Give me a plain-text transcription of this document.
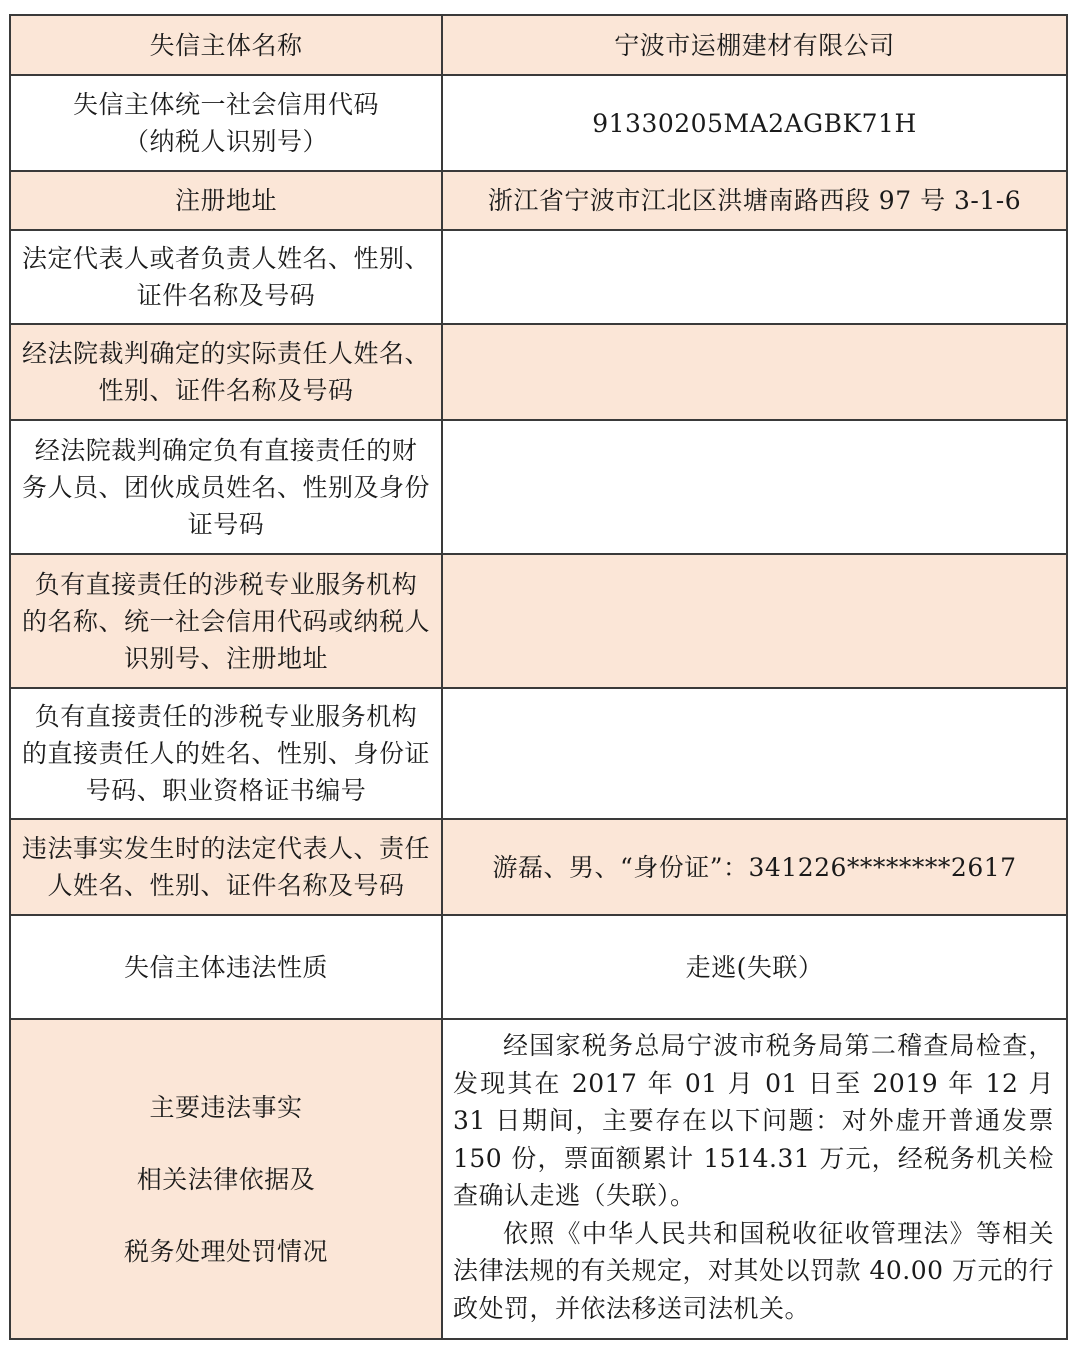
失信主体名称	宁波市运棚建材有限公司

失信主体统一社会信用代码
（纳税人识别号）	91330205MA2AGBK71H

注册地址	浙江省宁波市江北区洪塘南路西段 97 号 3-1-6

法定代表人或者负责人姓名、性别、
证件名称及号码	

经法院裁判确定的实际责任人姓名、
性别、证件名称及号码	

经法院裁判确定负有直接责任的财
务人员、团伙成员姓名、性别及身份
证号码	

负有直接责任的涉税专业服务机构
的名称、统一社会信用代码或纳税人
识别号、注册地址	

负有直接责任的涉税专业服务机构
的直接责任人的姓名、性别、身份证
号码、职业资格证书编号	

违法事实发生时的法定代表人、责任
人姓名、性别、证件名称及号码	游磊、男、“身份证”：341226********2617

失信主体违法性质	走逃(失联）

主要违法事实
相关法律依据及
税务处理处罚情况	经国家税务总局宁波市税务局第二稽查局检查，发现其在 2017 年 01 月 01 日至 2019 年 12 月 31 日期间，主要存在以下问题：对外虚开普通发票 150 份，票面额累计 1514.31 万元，经税务机关检查确认走逃（失联）。
依照《中华人民共和国税收征收管理法》等相关法律法规的有关规定，对其处以罚款 40.00 万元的行政处罚，并依法移送司法机关。
